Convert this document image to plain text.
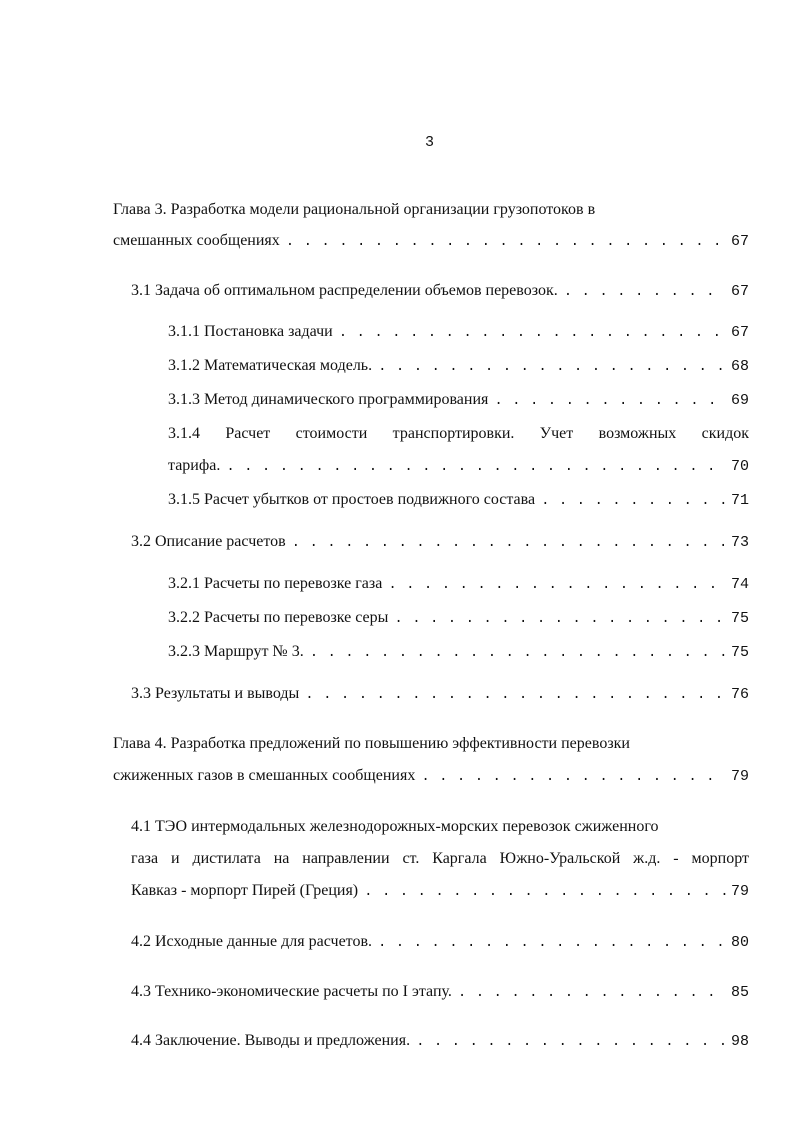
3
Глава 3. Разработка модели рациональной организации грузопотоков в
смешанных сообщениях . . .	67
3.1 Задача об оптимальном распределении объемов перевозок. . . .	67
3.1.1 Постановка задачи . . .	67
3.1.2 Математическая модель. . . .	68
3.1.3 Метод динамического программирования . . .	69
3.1.4 Расчет стоимости транспортировки. Учет возможных скидок
тарифа. . . .	70
3.1.5 Расчет убытков от простоев подвижного состава . . .	71
3.2 Описание расчетов . . .	73
3.2.1 Расчеты по перевозке газа . . .	74
3.2.2 Расчеты по перевозке серы . . .	75
3.2.3 Маршрут № 3. . . .	75
3.3 Результаты и выводы . . .	76
Глава 4. Разработка предложений по повышению эффективности перевозки
сжиженных газов в смешанных сообщениях . . .	79
4.1 ТЭО интермодальных железнодорожных-морских перевозок сжиженного
газа и дистилата на направлении ст. Каргала Южно-Уральской ж.д. - морпорт
Кавказ - морпорт Пирей (Греция) . . .	79
4.2 Исходные данные для расчетов. . . .	80
4.3 Технико-экономические расчеты по I этапу. . . .	85
4.4 Заключение. Выводы и предложения. . . .	98
